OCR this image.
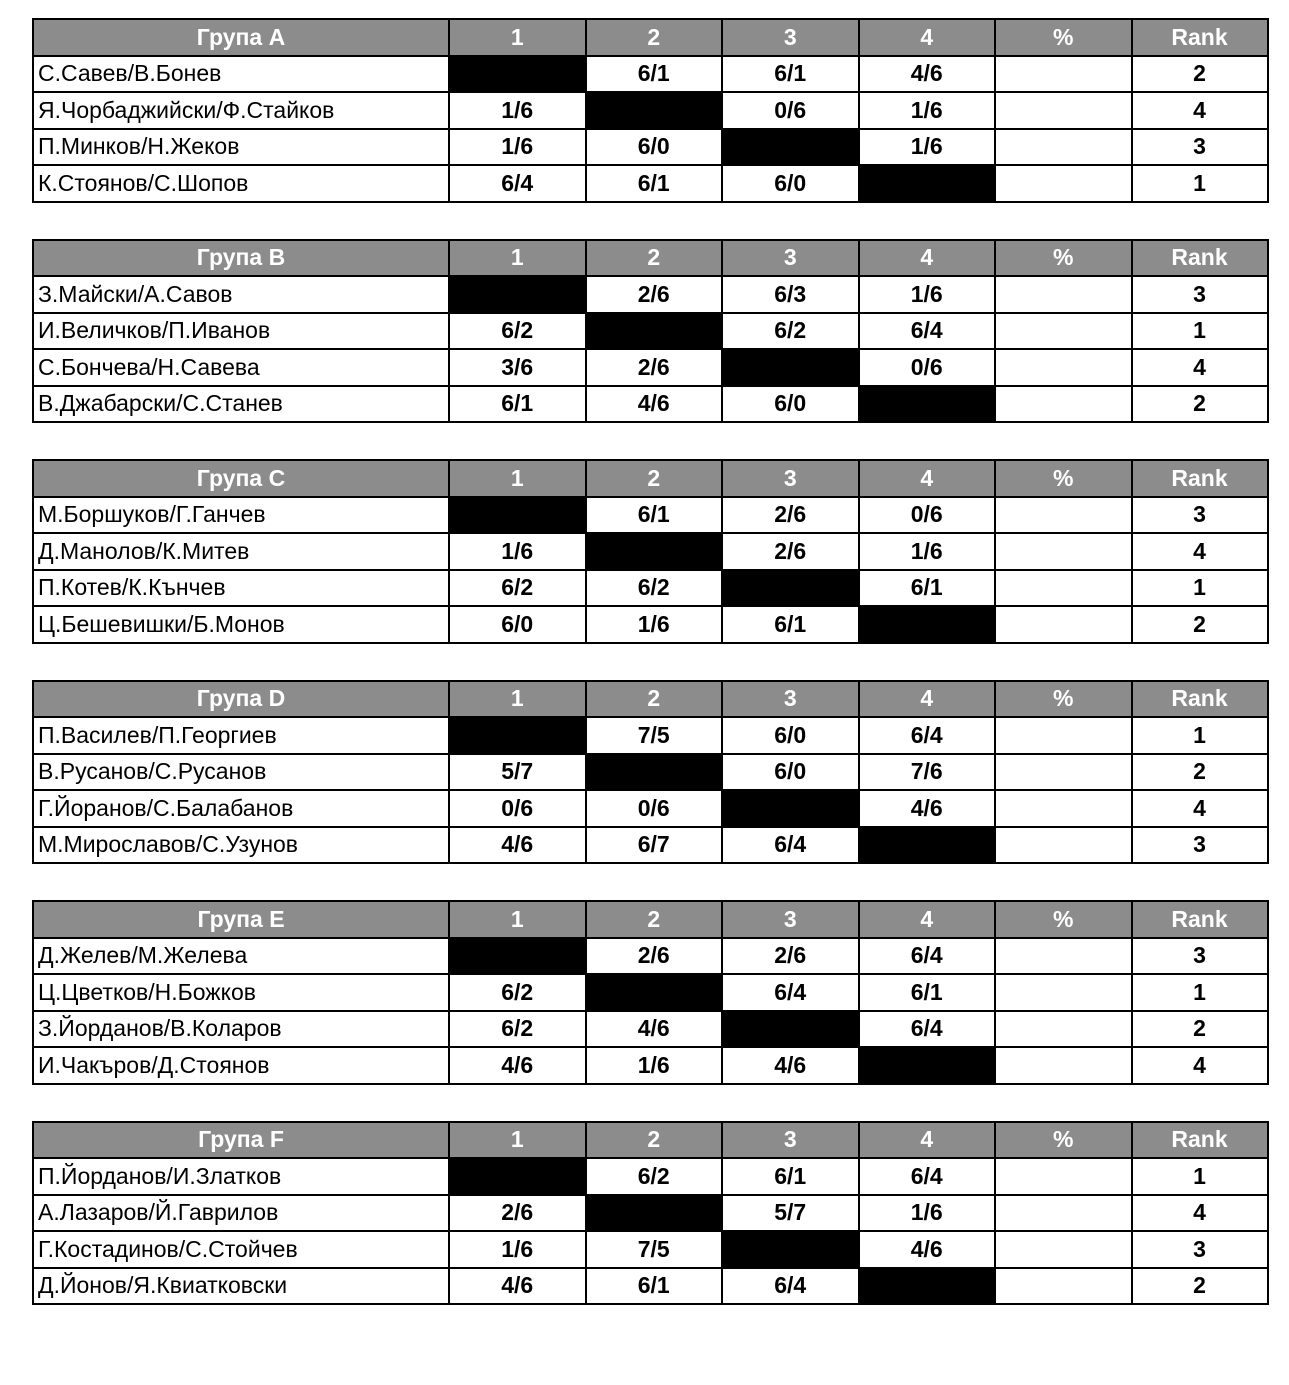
Група А	1	2	3	4	%	Rank
С.Савев/В.Бонев		6/1	6/1	4/6		2
Я.Чорбаджийски/Ф.Стайков	1/6		0/6	1/6		4
П.Минков/Н.Жеков	1/6	6/0		1/6		3
К.Стоянов/С.Шопов	6/4	6/1	6/0			1
Група B	1	2	3	4	%	Rank
З.Майски/А.Савов		2/6	6/3	1/6		3
И.Величков/П.Иванов	6/2		6/2	6/4		1
С.Бончева/Н.Савева	3/6	2/6		0/6		4
В.Джабарски/С.Станев	6/1	4/6	6/0			2
Група C	1	2	3	4	%	Rank
М.Боршуков/Г.Ганчев		6/1	2/6	0/6		3
Д.Манолов/К.Митев	1/6		2/6	1/6		4
П.Котев/К.Кънчев	6/2	6/2		6/1		1
Ц.Бешевишки/Б.Монов	6/0	1/6	6/1			2
Група D	1	2	3	4	%	Rank
П.Василев/П.Георгиев		7/5	6/0	6/4		1
В.Русанов/С.Русанов	5/7		6/0	7/6		2
Г.Йоранов/С.Балабанов	0/6	0/6		4/6		4
М.Мирославов/С.Узунов	4/6	6/7	6/4			3
Група E	1	2	3	4	%	Rank
Д.Желев/М.Желева		2/6	2/6	6/4		3
Ц.Цветков/Н.Божков	6/2		6/4	6/1		1
З.Йорданов/В.Коларов	6/2	4/6		6/4		2
И.Чакъров/Д.Стоянов	4/6	1/6	4/6			4
Група F	1	2	3	4	%	Rank
П.Йорданов/И.Златков		6/2	6/1	6/4		1
А.Лазаров/Й.Гаврилов	2/6		5/7	1/6		4
Г.Костадинов/С.Стойчев	1/6	7/5		4/6		3
Д.Йонов/Я.Квиатковски	4/6	6/1	6/4			2
